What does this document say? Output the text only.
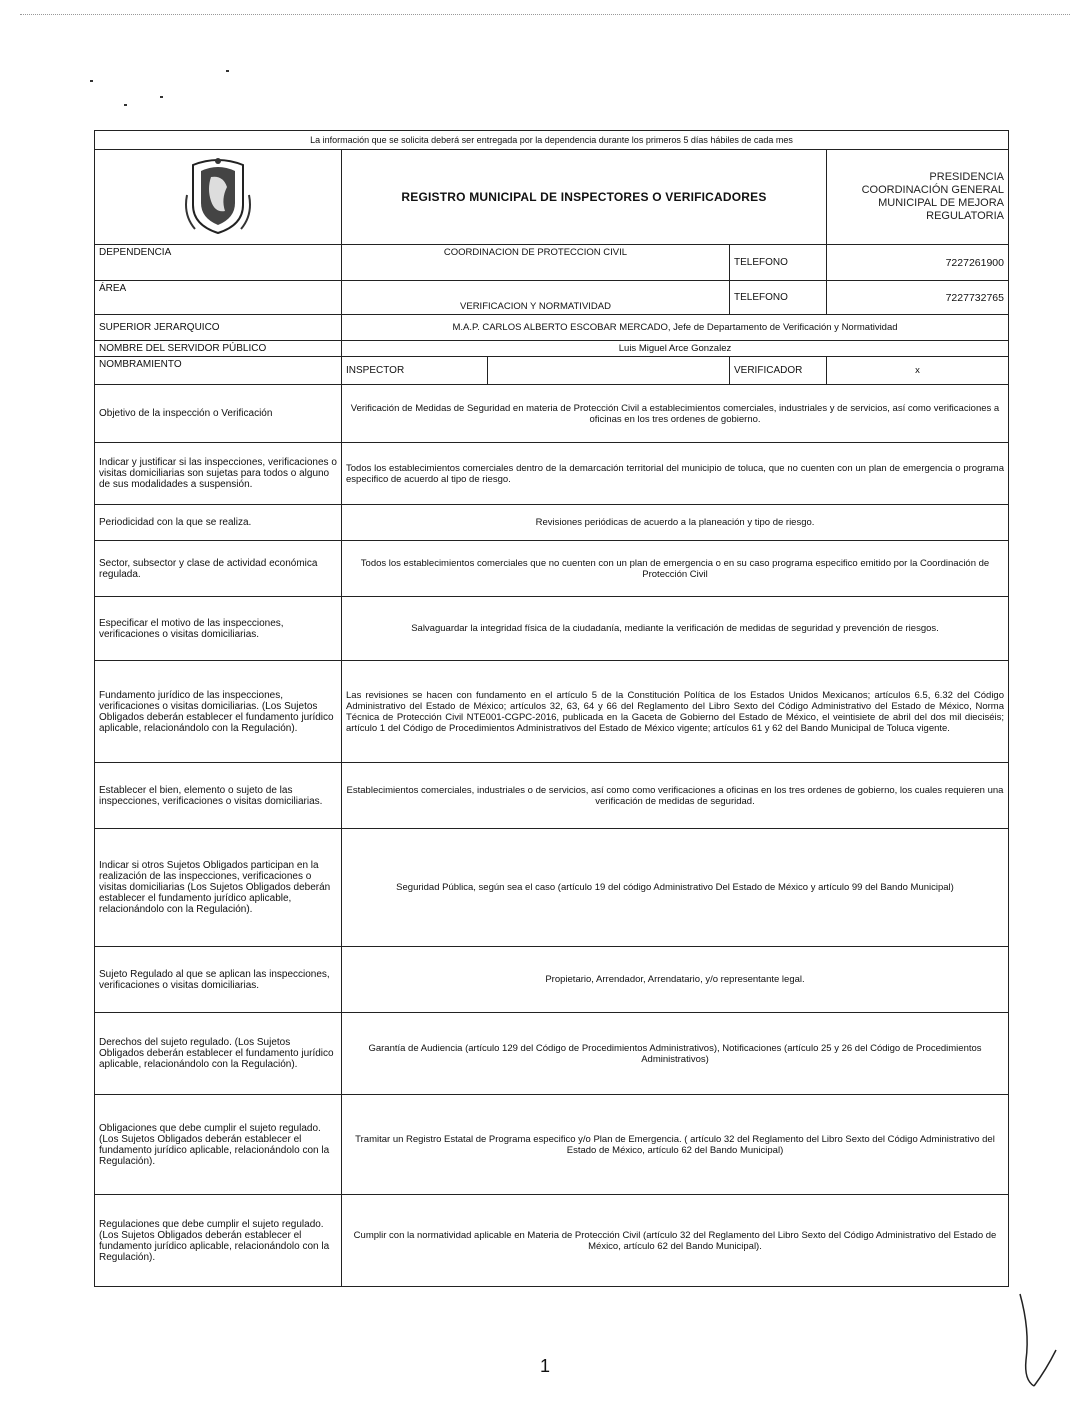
La información que se solicita deberá ser entregada por la dependencia durante los primeros 5 días hábiles de cada mes				
	REGISTRO MUNICIPAL DE INSPECTORES O VERIFICADORES			PRESIDENCIA
COORDINACIÓN GENERAL
MUNICIPAL DE MEJORA
REGULATORIA

DEPENDENCIA	COORDINACION DE PROTECCION CIVIL		TELEFONO	7227261900
ÁREA	VERIFICACION Y NORMATIVIDAD		TELEFONO	7227732765
SUPERIOR JERARQUICO	M.A.P. CARLOS ALBERTO ESCOBAR MERCADO, Jefe de Departamento de Verificación y Normatividad			
NOMBRE DEL SERVIDOR PÚBLICO	Luis Miguel Arce Gonzalez			
NOMBRAMIENTO	INSPECTOR		VERIFICADOR	x
Objetivo de la inspección o Verificación	Verificación de Medidas de Seguridad en materia de Protección Civil a establecimientos comerciales, industriales y de servicios, así como verificaciones a oficinas en los tres ordenes de gobierno.			
Indicar y justificar si las inspecciones, verificaciones o visitas domiciliarias son sujetas para todos o alguno de sus modalidades a suspensión.	Todos los establecimientos comerciales dentro de la demarcación territorial del municipio de toluca, que no cuenten con un plan de emergencia o programa especifico de acuerdo al tipo de riesgo.			
Periodicidad con la que se realiza.	Revisiones periódicas de acuerdo a la planeación y tipo de riesgo.			
Sector, subsector y clase de actividad económica regulada.	Todos los establecimientos comerciales que no cuenten con un plan de emergencia o en su caso programa especifico emitido por la Coordinación de Protección Civil			
Especificar el motivo de las inspecciones, verificaciones o visitas domiciliarias.	Salvaguardar la integridad física de la ciudadanía, mediante la verificación de medidas de seguridad y prevención de riesgos.			
Fundamento jurídico de las inspecciones, verificaciones o visitas domiciliarias. (Los Sujetos Obligados deberán establecer el fundamento jurídico aplicable, relacionándolo con la Regulación).	Las revisiones se hacen con fundamento en el artículo 5 de la Constitución Política de los Estados Unidos Mexicanos; artículos 6.5, 6.32 del Código Administrativo del Estado de México; artículos 32, 63, 64 y 66 del Reglamento del Libro Sexto del Código Administrativo del Estado de México, Norma Técnica de Protección Civil NTE001-CGPC-2016, publicada en la Gaceta de Gobierno del Estado de México, el veintisiete de abril del dos mil dieciséis; artículo 1 del Código de Procedimientos Administrativos del Estado de México vigente; artículos 61 y 62 del Bando Municipal de Toluca vigente.			
Establecer el bien, elemento o sujeto de las inspecciones, verificaciones o visitas domiciliarias.	Establecimientos comerciales, industriales o de servicios, así como como verificaciones a oficinas en los tres ordenes de gobierno, los cuales requieren una verificación de medidas de seguridad.			
Indicar si otros Sujetos Obligados participan en la realización de las inspecciones, verificaciones o visitas domiciliarias (Los Sujetos Obligados deberán establecer el fundamento jurídico aplicable, relacionándolo con la Regulación).	Seguridad Pública, según sea el caso (artículo 19 del código Administrativo Del Estado de México y artículo 99 del Bando Municipal)			
Sujeto Regulado al que se aplican las inspecciones, verificaciones o visitas domiciliarias.	Propietario, Arrendador, Arrendatario, y/o representante legal.			
Derechos del sujeto regulado. (Los Sujetos Obligados deberán establecer el fundamento jurídico aplicable, relacionándolo con la Regulación).	Garantía de Audiencia (artículo 129 del Código de Procedimientos Administrativos), Notificaciones (artículo 25 y 26 del Código de Procedimientos Administrativos)			
Obligaciones que debe cumplir el sujeto regulado. (Los Sujetos Obligados deberán establecer el fundamento jurídico aplicable, relacionándolo con la Regulación).	Tramitar un Registro Estatal de Programa especifico y/o Plan de Emergencia. ( artículo 32 del Reglamento del Libro Sexto del Código Administrativo del Estado de México, artículo 62 del Bando Municipal)			
Regulaciones que debe cumplir el sujeto regulado. (Los Sujetos Obligados deberán establecer el fundamento jurídico aplicable, relacionándolo con la Regulación).	Cumplir con la normatividad aplicable en Materia de Protección Civil (artículo 32 del Reglamento del Libro Sexto del Código Administrativo del Estado de México, artículo 62 del Bando Municipal).			
1
